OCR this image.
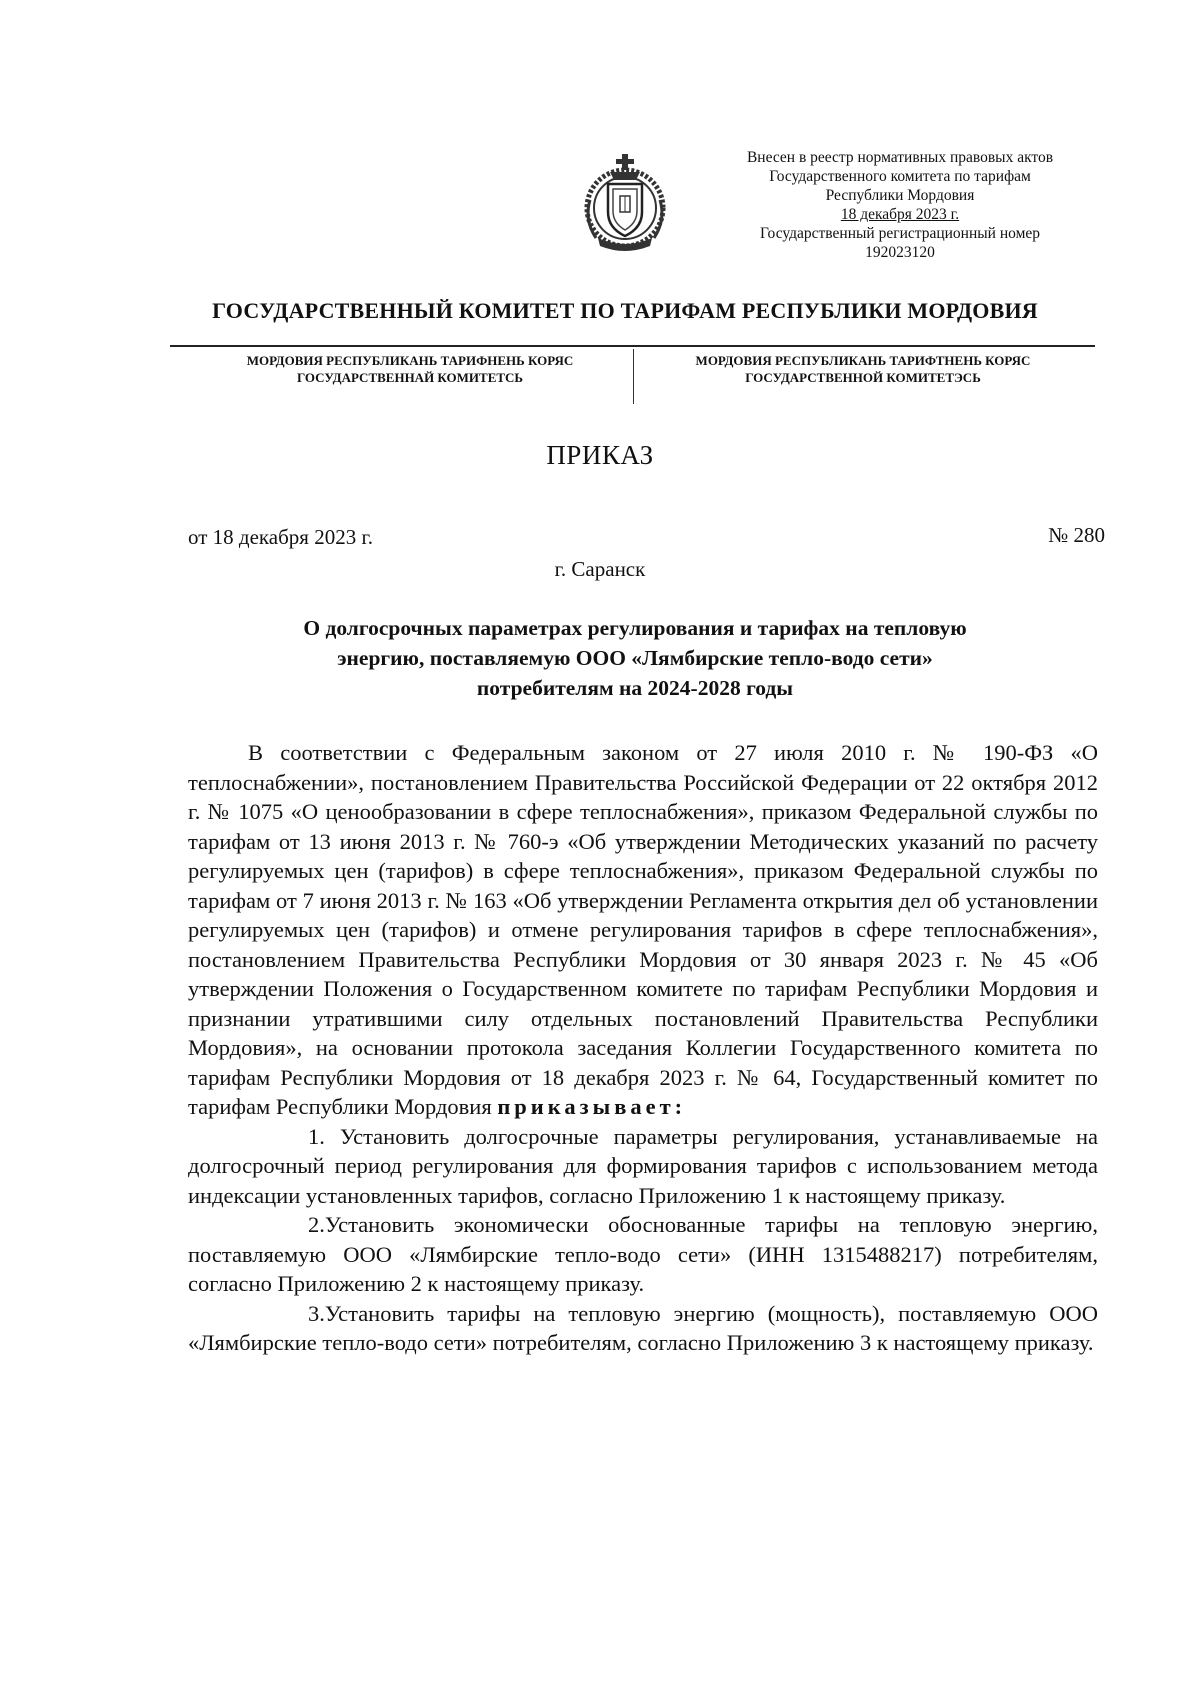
Внесен в реестр нормативных правовых актов
Государственного комитета по тарифам
Республики Мордовия
18 декабря 2023 г.
Государственный регистрационный номер
192023120
ГОСУДАРСТВЕННЫЙ КОМИТЕТ ПО ТАРИФАМ РЕСПУБЛИКИ МОРДОВИЯ
МОРДОВИЯ РЕСПУБЛИКАНЬ ТАРИФНЕНЬ КОРЯС
ГОСУДАРСТВЕННАЙ КОМИТЕТСЬ
МОРДОВИЯ РЕСПУБЛИКАНЬ ТАРИФТНЕНЬ КОРЯС
ГОСУДАРСТВЕННОЙ КОМИТЕТЭСЬ
ПРИКАЗ
от 18 декабря 2023 г.	№ 280
г. Саранск
О долгосрочных параметрах регулирования и тарифах на тепловую
энергию, поставляемую ООО «Лямбирские тепло-водо сети»
потребителям на 2024-2028 годы

В соответствии с Федеральным законом от 27 июля 2010 г. № 190-ФЗ «О теплоснабжении», постановлением Правительства Российской Федерации от 22 октября 2012 г. № 1075 «О ценообразовании в сфере теплоснабжения», приказом Федеральной службы по тарифам от 13 июня 2013 г. № 760-э «Об утверждении Методических указаний по расчету регулируемых цен (тарифов) в сфере теплоснабжения», приказом Федеральной службы по тарифам от 7 июня 2013 г. № 163 «Об утверждении Регламента открытия дел об установлении регулируемых цен (тарифов) и отмене регулирования тарифов в сфере теплоснабжения», постановлением Правительства Республики Мордовия от 30 января 2023 г. № 45 «Об утверждении Положения о Государственном комитете по тарифам Республики Мордовия и признании утратившими силу отдельных постановлений Правительства Республики Мордовия», на основании протокола заседания Коллегии Государственного комитета по тарифам Республики Мордовия от 18 декабря 2023 г. № 64, Государственный комитет по тарифам Республики Мордовия приказывает:

1. Установить долгосрочные параметры регулирования, устанавливаемые на долгосрочный период регулирования для формирования тарифов с использованием метода индексации установленных тарифов, согласно Приложению 1 к настоящему приказу.

2.Установить экономически обоснованные тарифы на тепловую энергию, поставляемую ООО «Лямбирские тепло-водо сети» (ИНН 1315488217) потребителям, согласно Приложению 2 к настоящему приказу.

3.Установить тарифы на тепловую энергию (мощность), поставляемую ООО «Лямбирские тепло-водо сети» потребителям, согласно Приложению 3 к настоящему приказу.
